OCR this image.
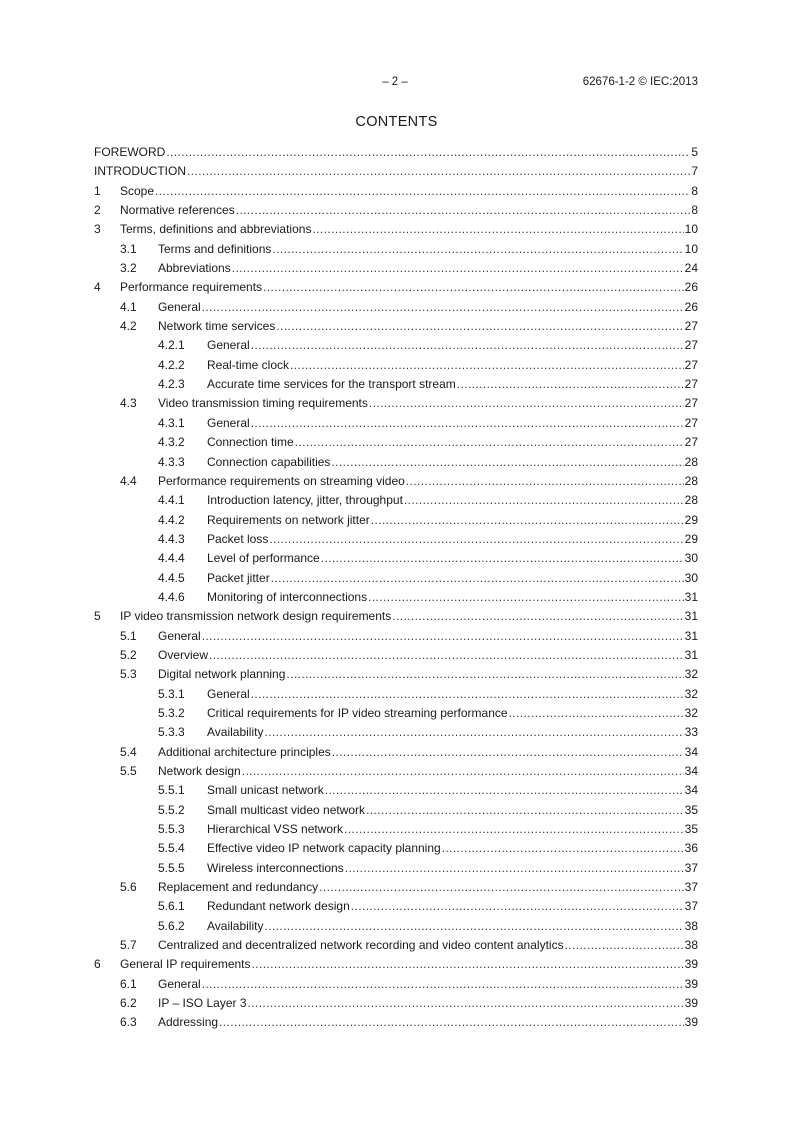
– 2 –	62676-1-2 © IEC:2013
CONTENTS
FOREWORD .....	5
INTRODUCTION .....	7
1	Scope .....	8
2	Normative references .....	8
3	Terms, definitions and abbreviations .....	10
3.1	Terms and definitions .....	10
3.2	Abbreviations .....	24
4	Performance requirements .....	26
4.1	General .....	26
4.2	Network time services .....	27
4.2.1	General .....	27
4.2.2	Real-time clock .....	27
4.2.3	Accurate time services for the transport stream .....	27
4.3	Video transmission timing requirements .....	27
4.3.1	General .....	27
4.3.2	Connection time .....	27
4.3.3	Connection capabilities .....	28
4.4	Performance requirements on streaming video .....	28
4.4.1	Introduction latency, jitter, throughput .....	28
4.4.2	Requirements on network jitter .....	29
4.4.3	Packet loss .....	29
4.4.4	Level of performance .....	30
4.4.5	Packet jitter .....	30
4.4.6	Monitoring of interconnections .....	31
5	IP video transmission network design requirements .....	31
5.1	General .....	31
5.2	Overview .....	31
5.3	Digital network planning .....	32
5.3.1	General .....	32
5.3.2	Critical requirements for IP video streaming performance .....	32
5.3.3	Availability .....	33
5.4	Additional architecture principles .....	34
5.5	Network design .....	34
5.5.1	Small unicast network .....	34
5.5.2	Small multicast video network .....	35
5.5.3	Hierarchical VSS network .....	35
5.5.4	Effective video IP network capacity planning .....	36
5.5.5	Wireless interconnections .....	37
5.6	Replacement and redundancy .....	37
5.6.1	Redundant network design .....	37
5.6.2	Availability .....	38
5.7	Centralized and decentralized network recording and video content analytics .....	38
6	General IP requirements .....	39
6.1	General .....	39
6.2	IP – ISO Layer 3 .....	39
6.3	Addressing .....	39
